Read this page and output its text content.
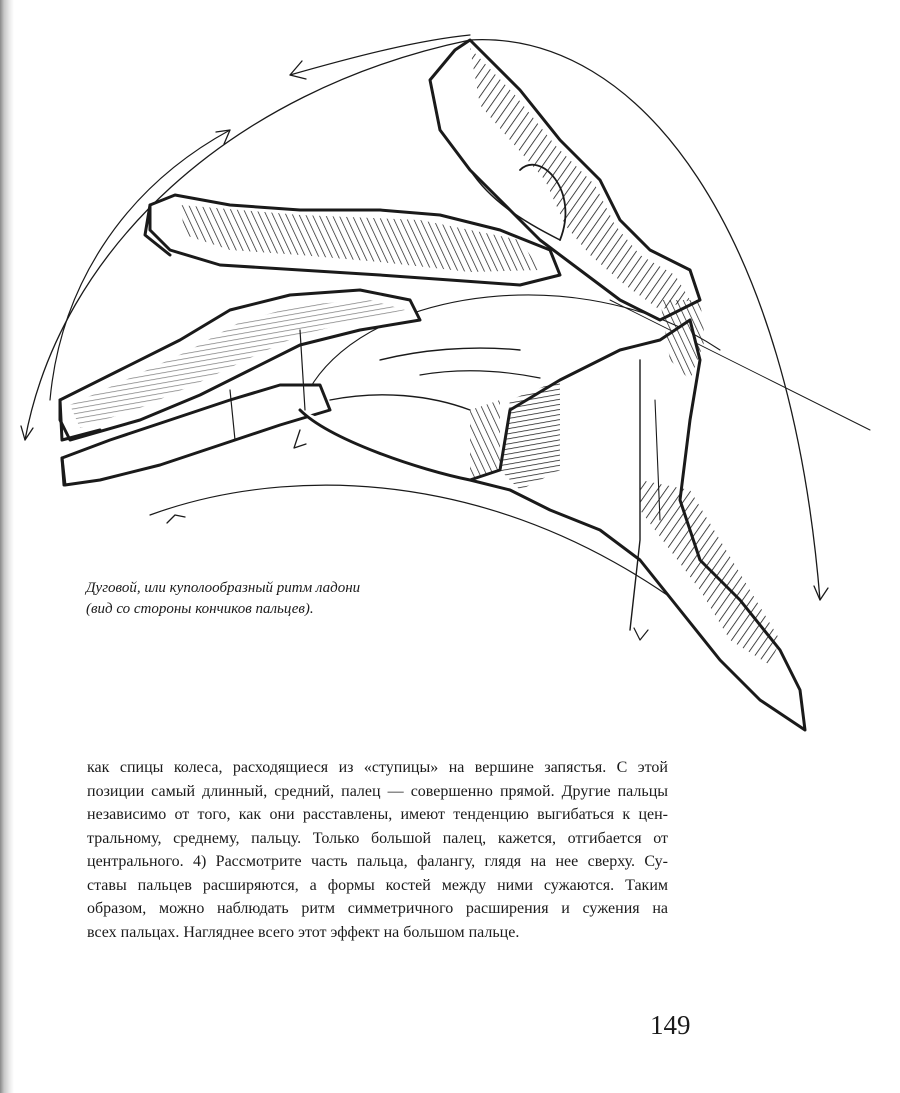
Дуговой, или куполообразный ритм ладони
(вид со стороны кончиков пальцев).
как спицы колеса, расходящиеся из «ступицы» на вершине запястья. С этой
позиции самый длинный, средний, палец — совершенно прямой. Другие пальцы
независимо от того, как они расставлены, имеют тенденцию выгибаться к цен-
тральному, среднему, пальцу. Только большой палец, кажется, отгибается от
центрального. 4) Рассмотрите часть пальца, фалангу, глядя на нее сверху. Су-
ставы пальцев расширяются, а формы костей между ними сужаются. Таким
образом, можно наблюдать ритм симметричного расширения и сужения на
всех пальцах. Нагляднее всего этот эффект на большом пальце.
149
